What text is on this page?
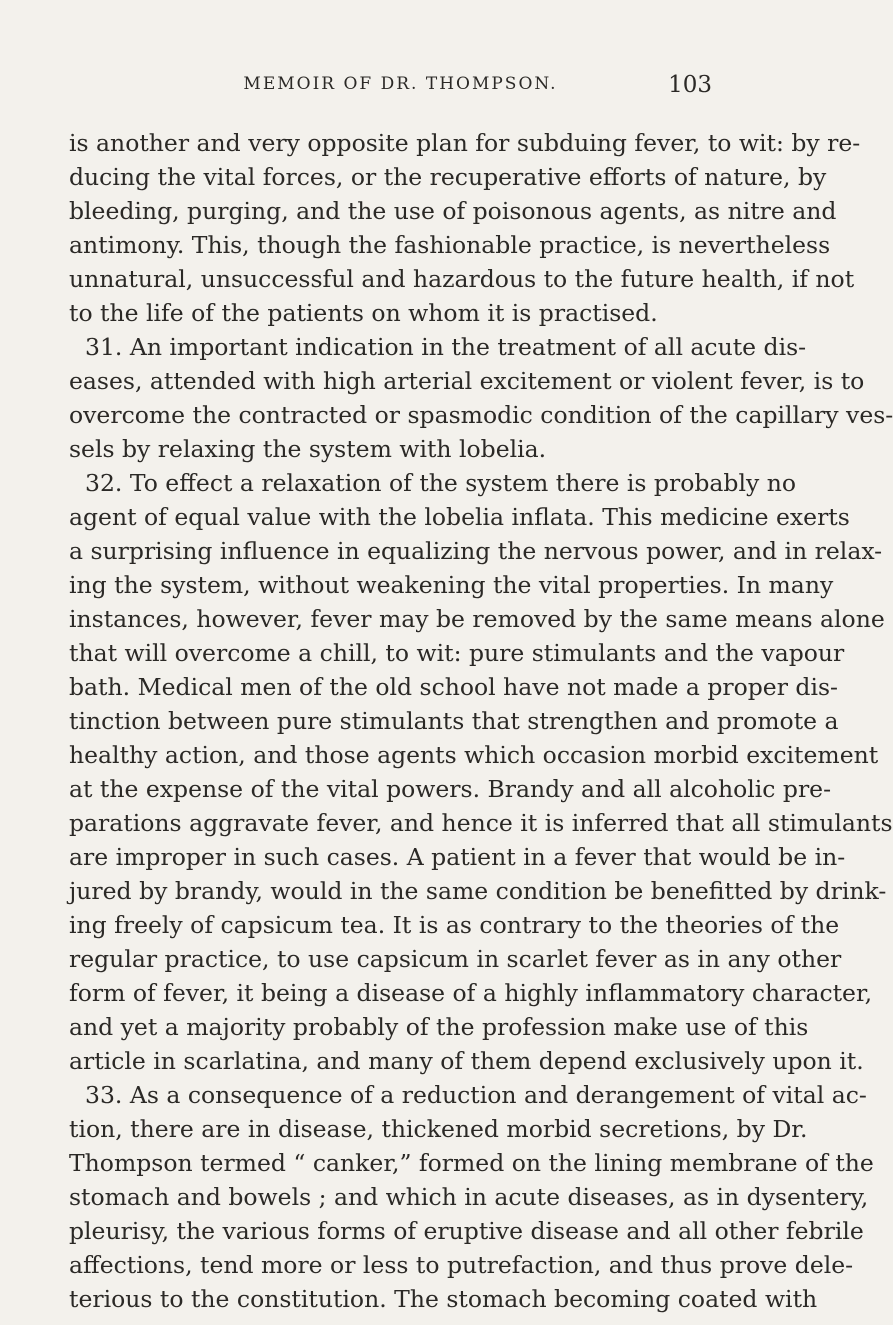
MEMOIR OF DR. THOMPSON.	103
is another and very opposite plan for subduing fever, to wit: by re-
ducing the vital forces, or the recuperative efforts of nature, by
bleeding, purging, and the use of poisonous agents, as nitre and
antimony. This, though the fashionable practice, is nevertheless
unnatural, unsuccessful and hazardous to the future health, if not
to the life of the patients on whom it is practised.
31. An important indication in the treatment of all acute dis-
eases, attended with high arterial excitement or violent fever, is to
overcome the contracted or spasmodic condition of the capillary ves-
sels by relaxing the system with lobelia.
32. To effect a relaxation of the system there is probably no
agent of equal value with the lobelia inflata. This medicine exerts
a surprising influence in equalizing the nervous power, and in relax-
ing the system, without weakening the vital properties. In many
instances, however, fever may be removed by the same means alone
that will overcome a chill, to wit: pure stimulants and the vapour
bath. Medical men of the old school have not made a proper dis-
tinction between pure stimulants that strengthen and promote a
healthy action, and those agents which occasion morbid excitement
at the expense of the vital powers. Brandy and all alcoholic pre-
parations aggravate fever, and hence it is inferred that all stimulants
are improper in such cases. A patient in a fever that would be in-
jured by brandy, would in the same condition be benefitted by drink-
ing freely of capsicum tea. It is as contrary to the theories of the
regular practice, to use capsicum in scarlet fever as in any other
form of fever, it being a disease of a highly inflammatory character,
and yet a majority probably of the profession make use of this
article in scarlatina, and many of them depend exclusively upon it.
33. As a consequence of a reduction and derangement of vital ac-
tion, there are in disease, thickened morbid secretions, by Dr.
Thompson termed “ canker,” formed on the lining membrane of the
stomach and bowels ; and which in acute diseases, as in dysentery,
pleurisy, the various forms of eruptive disease and all other febrile
affections, tend more or less to putrefaction, and thus prove dele-
terious to the constitution. The stomach becoming coated with
